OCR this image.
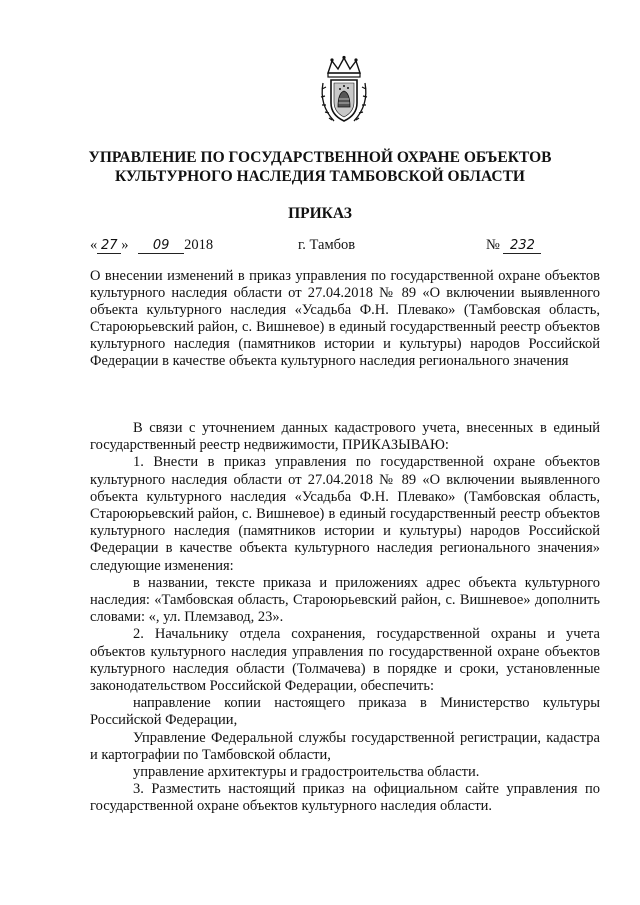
УПРАВЛЕНИЕ ПО ГОСУДАРСТВЕННОЙ ОХРАНЕ ОБЪЕКТОВ
КУЛЬТУРНОГО НАСЛЕДИЯ ТАМБОВСКОЙ ОБЛАСТИ
ПРИКАЗ
« 27 » 09 2018	г. Тамбов	№ 232
О внесении изменений в приказ управления по государственной охране объектов культурного наследия области от 27.04.2018 № 89 «О включении выявленного объекта культурного наследия «Усадьба Ф.Н. Плевако» (Тамбовская область, Староюрьевский район, с. Вишневое) в единый государственный реестр объектов культурного наследия (памятников истории и культуры) народов Российской Федерации в качестве объекта культурного наследия регионального значения

В связи с уточнением данных кадастрового учета, внесенных в единый государственный реестр недвижимости, ПРИКАЗЫВАЮ:

1. Внести в приказ управления по государственной охране объектов культурного наследия области от 27.04.2018 № 89 «О включении выявленного объекта культурного наследия «Усадьба Ф.Н. Плевако» (Тамбовская область, Староюрьевский район, с. Вишневое) в единый государственный реестр объектов культурного наследия (памятников истории и культуры) народов Российской Федерации в качестве объекта культурного наследия регионального значения» следующие изменения:

в названии, тексте приказа и приложениях адрес объекта культурного наследия: «Тамбовская область, Староюрьевский район, с. Вишневое» дополнить словами: «, ул. Племзавод, 23».

2. Начальнику отдела сохранения, государственной охраны и учета объектов культурного наследия управления по государственной охране объектов культурного наследия области (Толмачева) в порядке и сроки, установленные законодательством Российской Федерации, обеспечить:

направление копии настоящего приказа в Министерство культуры Российской Федерации,

Управление Федеральной службы государственной регистрации, кадастра и картографии по Тамбовской области,

управление архитектуры и градостроительства области.

3. Разместить настоящий приказ на официальном сайте управления по государственной охране объектов культурного наследия области.
